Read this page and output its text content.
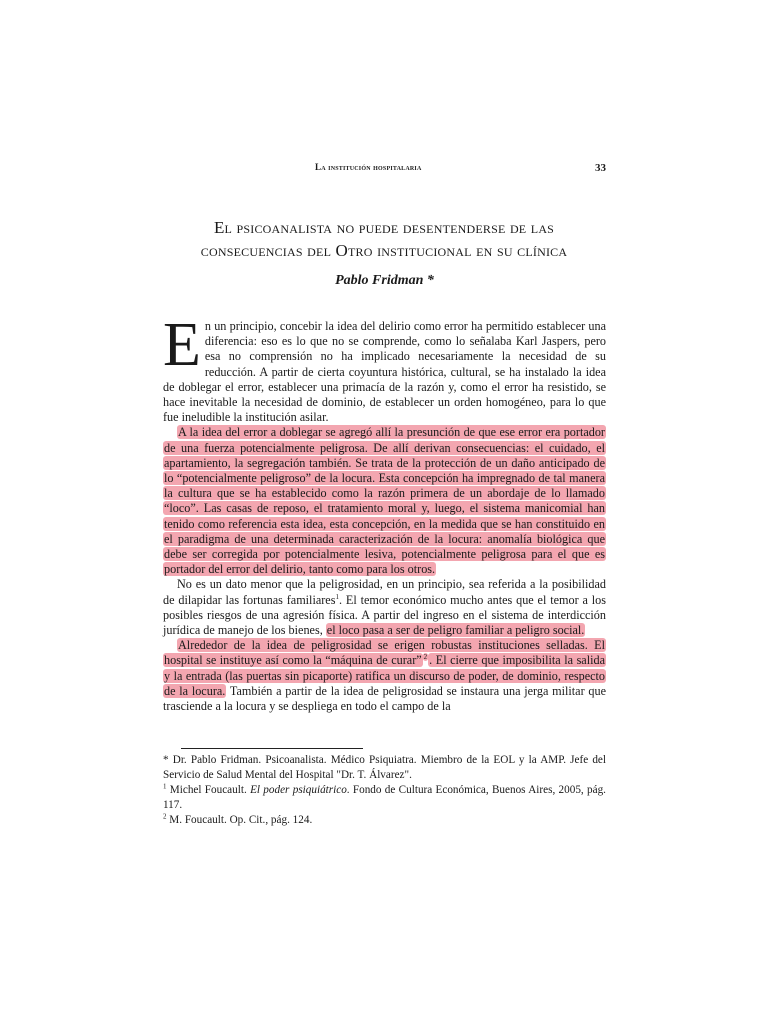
La institución hospitalaria	33
El psicoanalista no puede desentenderse de las
consecuencias del Otro institucional en su clínica
Pablo Fridman *

En un principio, concebir la idea del delirio como error ha permitido establecer una diferencia: eso es lo que no se comprende, como lo señalaba Karl Jaspers, pero esa no comprensión no ha implicado necesariamente la necesidad de su reducción. A partir de cierta coyuntura histórica, cultural, se ha instalado la idea de doblegar el error, establecer una primacía de la razón y, como el error ha resistido, se hace inevitable la necesidad de dominio, de establecer un orden homogéneo, para lo que fue ineludible la institución asilar.

A la idea del error a doblegar se agregó allí la presunción de que ese error era portador de una fuerza potencialmente peligrosa. De allí derivan consecuencias: el cuidado, el apartamiento, la segregación también. Se trata de la protección de un daño anticipado de lo “potencialmente peligroso” de la locura. Esta concepción ha impregnado de tal manera la cultura que se ha establecido como la razón primera de un abordaje de lo llamado “loco”. Las casas de reposo, el tratamiento moral y, luego, el sistema manicomial han tenido como referencia esta idea, esta concepción, en la medida que se han constituido en el paradigma de una determinada caracterización de la locura: anomalía biológica que debe ser corregida por potencialmente lesiva, potencialmente peligrosa para el que es portador del error del delirio, tanto como para los otros.

No es un dato menor que la peligrosidad, en un principio, sea referida a la posibilidad de dilapidar las fortunas familiares$^1$. El temor económico mucho antes que el temor a los posibles riesgos de una agresión física. A partir del ingreso en el sistema de interdicción jurídica de manejo de los bienes, el loco pasa a ser de peligro familiar a peligro social.

Alrededor de la idea de peligrosidad se erigen robustas instituciones selladas. El hospital se instituye así como la “máquina de curar” $^2$ . El cierre que imposibilita la salida y la entrada (las puertas sin picaporte) ratifica un discurso de poder, de dominio, respecto de la locura. También a partir de la idea de peligrosidad se instaura una jerga militar que trasciende a la locura y se despliega en todo el campo de la

* Dr. Pablo Fridman. Psicoanalista. Médico Psiquiatra. Miembro de la EOL y la AMP. Jefe del Servicio de Salud Mental del Hospital "Dr. T. Álvarez".

$^1$ Michel Foucault. El poder psiquiátrico. Fondo de Cultura Económica, Buenos Aires, 2005, pág. 117.

$^2$ M. Foucault. Op. Cit., pág. 124.
